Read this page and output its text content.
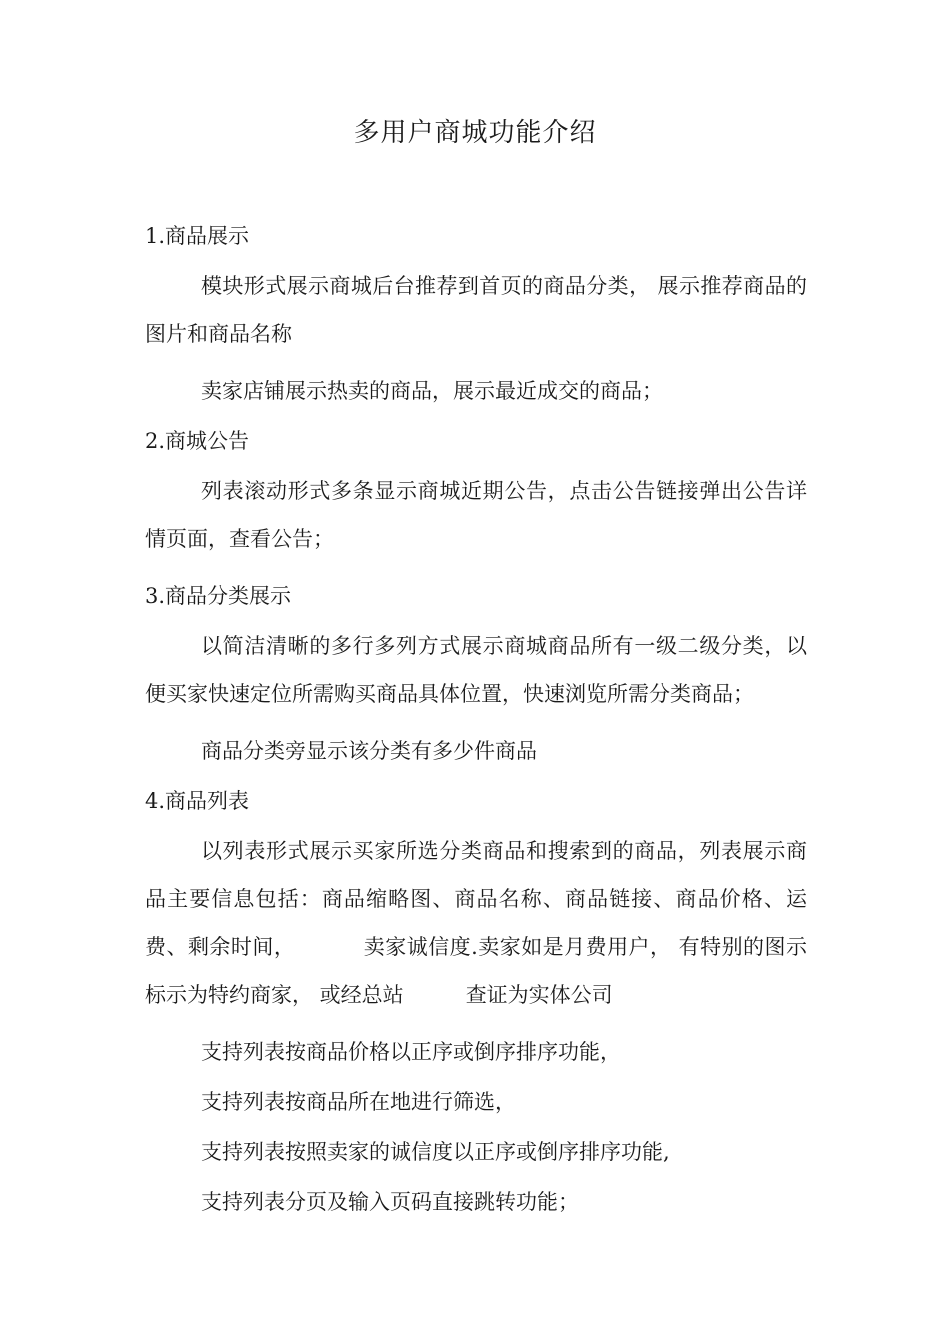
多用户商城功能介绍
1.商品展示

模块形式展示商城后台推荐到首页的商品分类， 展示推荐商品的图片和商品名称

卖家店铺展示热卖的商品，展示最近成交的商品；

2.商城公告

列表滚动形式多条显示商城近期公告，点击公告链接弹出公告详情页面，查看公告；

3.商品分类展示

以简洁清晰的多行多列方式展示商城商品所有一级二级分类，以便买家快速定位所需购买商品具体位置，快速浏览所需分类商品；

商品分类旁显示该分类有多少件商品

4.商品列表

以列表形式展示买家所选分类商品和搜索到的商品，列表展示商品主要信息包括：商品缩略图、商品名称、商品链接、商品价格、运费、剩余时间，	卖家诚信度.卖家如是月费用户， 有特别的图示标示为特约商家， 或经总站	查证为实体公司

支持列表按商品价格以正序或倒序排序功能，

支持列表按商品所在地进行筛选，

支持列表按照卖家的诚信度以正序或倒序排序功能,

支持列表分页及输入页码直接跳转功能；
